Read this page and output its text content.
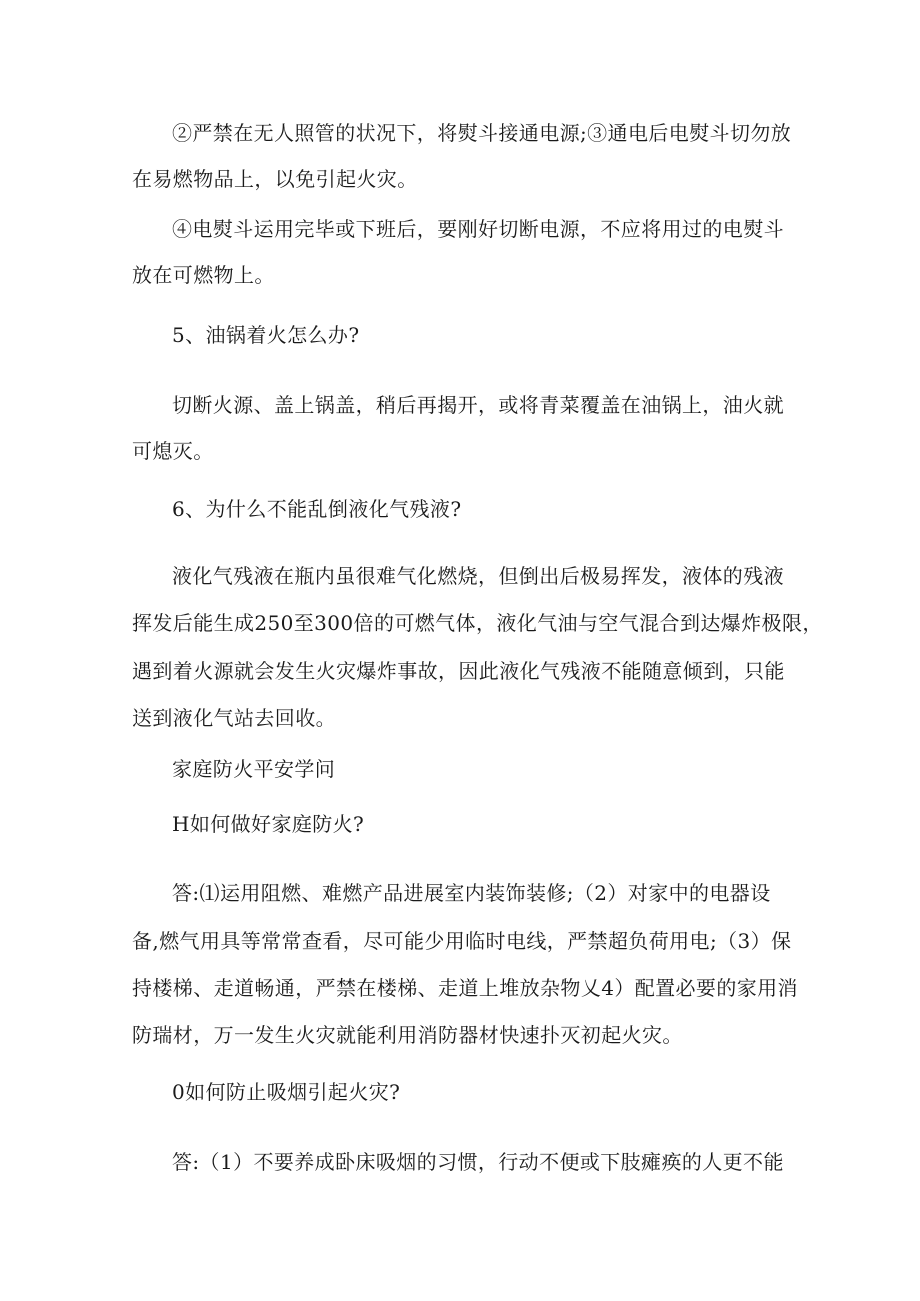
②严禁在无人照管的状况下，将熨斗接通电源;③通电后电熨斗切勿放
在易燃物品上，以免引起火灾。
④电熨斗运用完毕或下班后，要刚好切断电源，不应将用过的电熨斗
放在可燃物上。
5、油锅着火怎么办?
切断火源、盖上锅盖，稍后再揭开，或将青菜覆盖在油锅上，油火就
可熄灭。
6、为什么不能乱倒液化气残液?
液化气残液在瓶内虽很难气化燃烧，但倒出后极易挥发，液体的残液
挥发后能生成250至300倍的可燃气体，液化气油与空气混合到达爆炸极限，
遇到着火源就会发生火灾爆炸事故，因此液化气残液不能随意倾到，只能
送到液化气站去回收。
家庭防火平安学问
H如何做好家庭防火?
答:⑴运用阻燃、难燃产品进展室内装饰装修;（2）对家中的电器设
备,燃气用具等常常查看，尽可能少用临时电线，严禁超负荷用电;（3）保
持楼梯、走道畅通，严禁在楼梯、走道上堆放杂物乂4）配置必要的家用消
防瑞材，万一发生火灾就能利用消防器材快速扑灭初起火灾。
0如何防止吸烟引起火灾?
答:（1）不要养成卧床吸烟的习惯，行动不便或下肢瘫痪的人更不能
